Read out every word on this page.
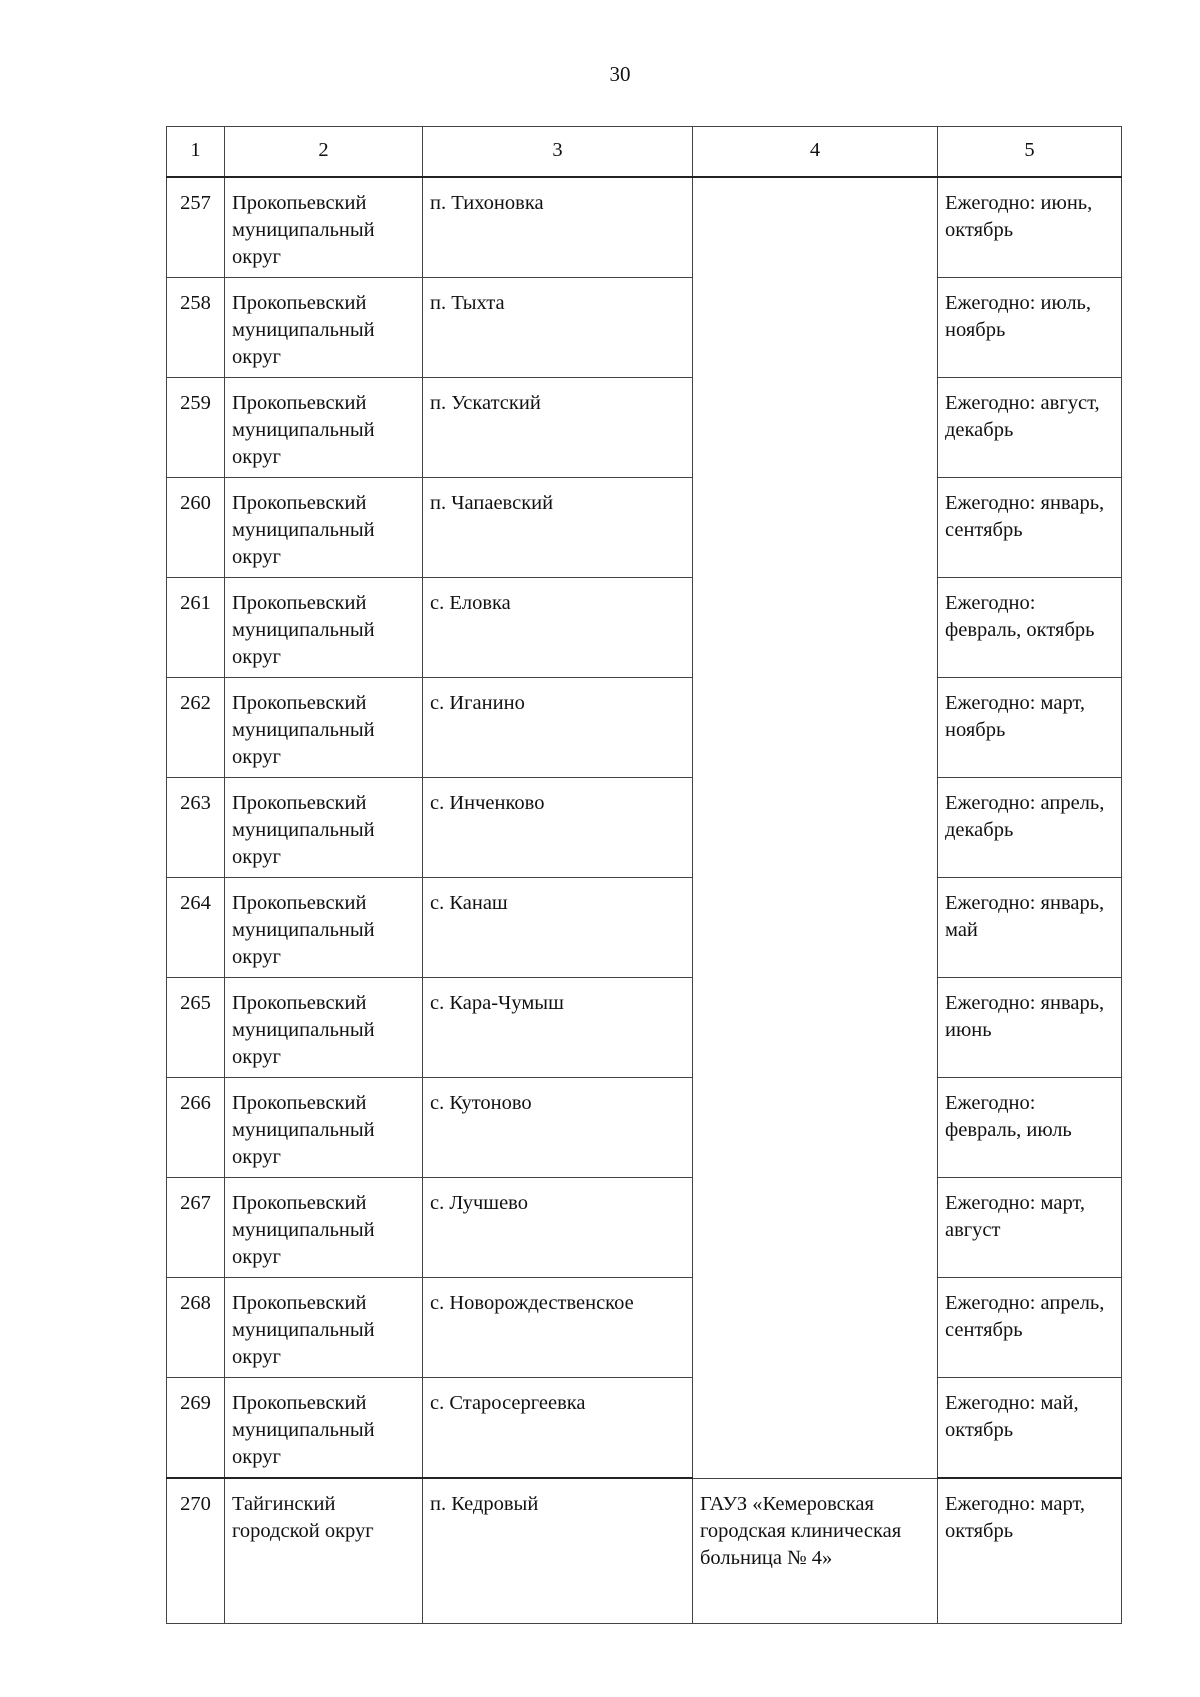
30
1	2	3	4	5
257	Прокопьевский муниципальный округ	п. Тихоновка		Ежегодно: июнь, октябрь
258	Прокопьевский муниципальный округ	п. Тыхта		Ежегодно: июль, ноябрь
259	Прокопьевский муниципальный округ	п. Ускатский		Ежегодно: август, декабрь
260	Прокопьевский муниципальный округ	п. Чапаевский		Ежегодно: январь, сентябрь
261	Прокопьевский муниципальный округ	с. Еловка		Ежегодно: февраль, октябрь
262	Прокопьевский муниципальный округ	с. Иганино		Ежегодно: март, ноябрь
263	Прокопьевский муниципальный округ	с. Инченково		Ежегодно: апрель, декабрь
264	Прокопьевский муниципальный округ	с. Канаш		Ежегодно: январь, май
265	Прокопьевский муниципальный округ	с. Кара-Чумыш		Ежегодно: январь, июнь
266	Прокопьевский муниципальный округ	с. Кутоново		Ежегодно: февраль, июль
267	Прокопьевский муниципальный округ	с. Лучшево		Ежегодно: март, август
268	Прокопьевский муниципальный округ	с. Новорождественское		Ежегодно: апрель, сентябрь
269	Прокопьевский муниципальный округ	с. Старосергеевка		Ежегодно: май, октябрь
270	Тайгинский городской округ	п. Кедровый	ГАУЗ «Кемеровская городская клиническая больница № 4»	Ежегодно: март, октябрь
